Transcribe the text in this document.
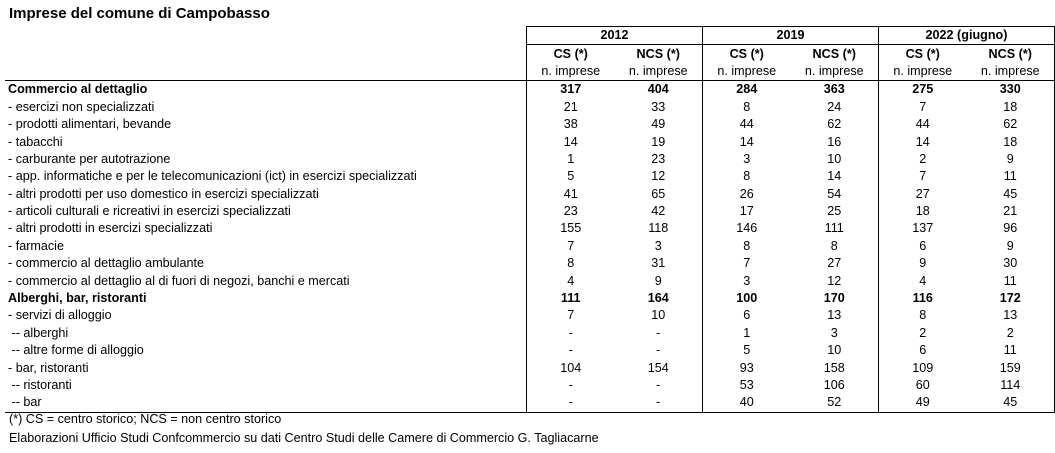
Imprese del comune di Campobasso
	2012		2019		2022 (giugno)	
	CS (*)	NCS (*)	CS (*)	NCS (*)	CS (*)	NCS (*)
	n. imprese	n. imprese	n. imprese	n. imprese	n. imprese	n. imprese
Commercio al dettaglio	317	404	284	363	275	330
- esercizi non specializzati	21	33	8	24	7	18
- prodotti alimentari, bevande	38	49	44	62	44	62
- tabacchi	14	19	14	16	14	18
- carburante per autotrazione	1	23	3	10	2	9
- app. informatiche e per le telecomunicazioni (ict) in esercizi specializzati	5	12	8	14	7	11
- altri prodotti per uso domestico in esercizi specializzati	41	65	26	54	27	45
- articoli culturali e ricreativi in esercizi specializzati	23	42	17	25	18	21
- altri prodotti in esercizi specializzati	155	118	146	111	137	96
- farmacie	7	3	8	8	6	9
- commercio al dettaglio ambulante	8	31	7	27	9	30
- commercio al dettaglio al di fuori di negozi, banchi e mercati	4	9	3	12	4	11
Alberghi, bar, ristoranti	111	164	100	170	116	172
- servizi di alloggio	7	10	6	13	8	13
-- alberghi	-	-	1	3	2	2
-- altre forme di alloggio	-	-	5	10	6	11
- bar, ristoranti	104	154	93	158	109	159
-- ristoranti	-	-	53	106	60	114
-- bar	-	-	40	52	49	45
(*) CS = centro storico; NCS = non centro storico
Elaborazioni Ufficio Studi Confcommercio su dati Centro Studi delle Camere di Commercio G. Tagliacarne
